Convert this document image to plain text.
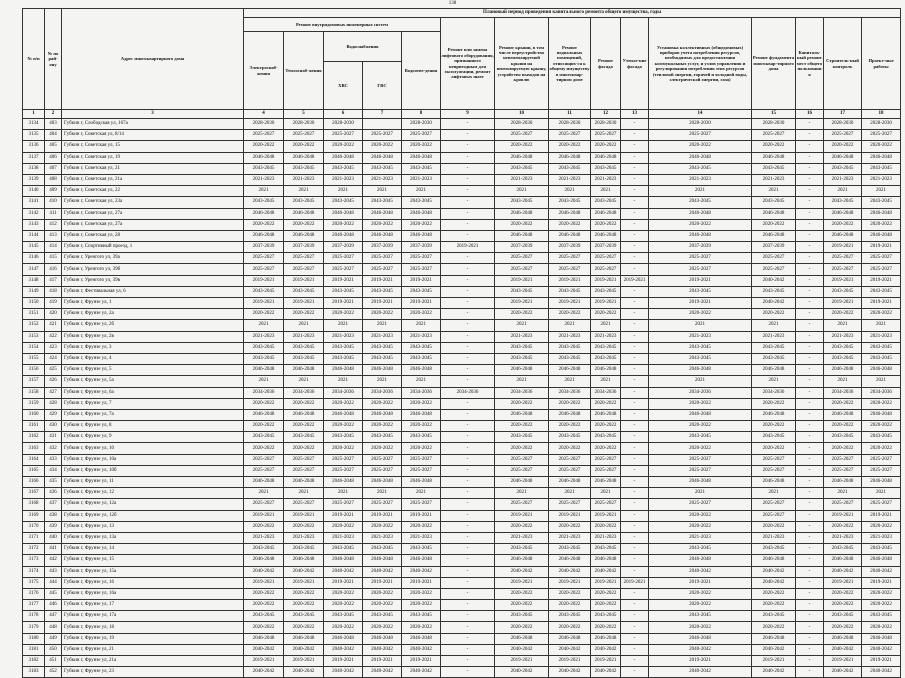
138
№ п/п	№ по рай-ону	Адрес многоквартирного дома	Плановый период проведения капитального ремонта общего имущества, годы														
			Ремонт внутридомовых инженерных систем					Ремонт или замена лифтового оборудования, признанного непригодным для эксплуатации, ремонт лифтовых шахт	Ремонт крыши, в том числе переустройство невентилируемой крыши на вентилируемую крышу, устройство выходов на кровлю	Ремонт подвальных помещений, относящих-ся к общему имуществу в многоквар-тирном доме	Ремонт фасада	Утепле-ние фасада	Установка коллективных (общедомовых) приборов учета потребления ресурсов, необходимых для предоставления коммунальных услуг, и узлов управления и регулирования потребления этих ресурсов (тепловой энергии, горячей и холодной воды, электрической энергии, газа)	Ремонт фундамента многоквар-тирного дома	Капиталь-ный ремонт мест общего пользовани я	Строитель-ный контроль	Проект-ные работы
			Электроснаб-жения	Теплоснаб-жения	Водоснабжения		Водоотве-дения										
					ХВС	ГВС											
1	2	3	4	5	6	7	8	9	10	11	12	13	14	15	16	17	18
3134	403	Губкин г, Слободская ул, 167а	2028-2030	2028-2030	2028-2030		2028-2030	-	2028-2030	2028-2030	2028-2030	-	2028-2030	2028-2030	-	2028-2030	2028-2030
3135	404	Губкин г, Советская ул, 8/14	2025-2027	2025-2027	2025-2027	2025-2027	2025-2027	-	2025-2027	2025-2027	2025-2027	-	2025-2027	2025-2027	-	2025-2027	2025-2027
3136	405	Губкин г, Советская ул, 15	2020-2022	2020-2022	2020-2022	2020-2022	2020-2022	-	2020-2022	2020-2022	2020-2022	-	2020-2022	2020-2022	-	2020-2022	2020-2022
3137	406	Губкин г, Советская ул, 19	2046-2048	2046-2048	2046-2048	2046-2048	2046-2048	-	2046-2048	2046-2048	2046-2048	-	2046-2048	2046-2048	-	2046-2048	2046-2048
3138	407	Губкин г, Советская ул, 21	2043-2045	2043-2045	2043-2045	2043-2045	2043-2045	-	2043-2045	2043-2045	2043-2045	-	2043-2045	2043-2045	-	2043-2045	2043-2045
3139	408	Губкин г, Советская ул, 21а	2021-2023	2021-2023	2021-2023	2021-2023	2021-2023	-	2021-2023	2021-2023	2021-2023	-	2021-2023	2021-2023	-	2021-2023	2021-2023
3140	409	Губкин г, Советская ул, 22	2021	2021	2021	2021	2021	-	2021	2021	2021	-	2021	2021	-	2021	2021
3141	410	Губкин г, Советская ул, 23а	2043-2045	2043-2045	2043-2045	2043-2045	2043-2045	-	2043-2045	2043-2045	2043-2045	-	2043-2045	2043-2045	-	2043-2045	2043-2045
3142	411	Губкин г, Советская ул, 27а	2046-2048	2046-2048	2046-2048	2046-2048	2046-2048	-	2046-2048	2046-2048	2046-2048	-	2046-2048	2046-2048	-	2046-2048	2046-2048
3143	412	Губкин г, Советская ул, 27а	2020-2022	2020-2022	2020-2022	2020-2022	2020-2022	-	2020-2022	2020-2022	2020-2022	-	2020-2022	2020-2022	-	2020-2022	2020-2022
3144	413	Губкин г, Советская ул, 28	2046-2048	2046-2048	2046-2048	2046-2048	2046-2048	-	2046-2048	2046-2048	2046-2048	-	2046-2048	2046-2048	-	2046-2048	2046-2048
3145	414	Губкин г, Спортивный проезд, 1	2037-2039	2037-2039	2037-2039	2037-2039	2037-2039	2019-2021	2037-2039	2037-2039	2037-2039	-	2037-2039	2037-2039	-	2019-2021	2019-2021
3146	415	Губкин г, Уренгого ул, 39а	2025-2027	2025-2027	2025-2027	2025-2027	2025-2027	-	2025-2027	2025-2027	2025-2027	-	2025-2027	2025-2027	-	2025-2027	2025-2027
3147	416	Губкин г, Уренгого ул, 39б	2025-2027	2025-2027	2025-2027	2025-2027	2025-2027	-	2025-2027	2025-2027	2025-2027	-	2025-2027	2025-2027	-	2025-2027	2025-2027
3148	417	Губкин г, Уренгого ул, 39в	2019-2021	2019-2021	2019-2021	2019-2021	2019-2021	-	2019-2021	2019-2021	2019-2021	2019-2021	2019-2021	2040-2042	-	2019-2021	2019-2021
3149	418	Губкин г, Фестивальная ул, 6	2043-2045	2043-2045	2043-2045	2043-2045	2043-2045	-	2043-2045	2043-2045	2043-2045	-	2043-2045	2043-2045	-	2043-2045	2043-2045
3150	419	Губкин г, Фрунзе ул, 1	2019-2021	2019-2021	2019-2021	2019-2021	2019-2021	-	2019-2021	2019-2021	2019-2021	-	2019-2021	2040-2042	-	2019-2021	2019-2021
3151	420	Губкин г, Фрунзе ул, 2а	2020-2022	2020-2022	2020-2022	2020-2022	2020-2022	-	2020-2022	2020-2022	2020-2022	-	2020-2022	2020-2022	-	2020-2022	2020-2022
3152	421	Губкин г, Фрунзе ул, 2б	2021	2021	2021	2021	2021	-	2021	2021	2021	-	2021	2021	-	2021	2021
3153	422	Губкин г, Фрунзе ул, 2в	2021-2023	2021-2023	2021-2023	2021-2023	2021-2023	-	2021-2023	2021-2023	2021-2023	-	2021-2023	2021-2023	-	2021-2023	2021-2023
3154	423	Губкин г, Фрунзе ул, 3	2043-2045	2043-2045	2043-2045	2043-2045	2043-2045	-	2043-2045	2043-2045	2043-2045	-	2043-2045	2043-2045	-	2043-2045	2043-2045
3155	424	Губкин г, Фрунзе ул, 4	2043-2045	2043-2045	2043-2045	2043-2045	2043-2045	-	2043-2045	2043-2045	2043-2045	-	2043-2045	2043-2045	-	2043-2045	2043-2045
3156	425	Губкин г, Фрунзе ул, 5	2046-2048	2046-2048	2046-2048	2046-2048	2046-2048	-	2046-2048	2046-2048	2046-2048	-	2046-2048	2046-2048	-	2046-2048	2046-2048
3157	426	Губкин г, Фрунзе ул, 5а	2021	2021	2021	2021	2021	-	2021	2021	2021	-	2021	2021	-	2021	2021
3158	427	Губкин г, Фрунзе ул, 6а	2034-2036	2034-2036	2034-2036	2034-2036	2034-2036	2034-2036	2034-2036	2034-2036	2034-2036	-	2034-2036	2034-2036	-	2034-2036	2034-2036
3159	428	Губкин г, Фрунзе ул, 7	2020-2022	2020-2022	2020-2022	2020-2022	2020-2022	-	2020-2022	2020-2022	2020-2022	-	2020-2022	2020-2022	-	2020-2022	2020-2022
3160	429	Губкин г, Фрунзе ул, 7а	2046-2048	2046-2048	2046-2048	2046-2048	2046-2048	-	2046-2048	2046-2048	2046-2048	-	2046-2048	2046-2048	-	2046-2048	2046-2048
3161	430	Губкин г, Фрунзе ул, 8	2020-2022	2020-2022	2020-2022	2020-2022	2020-2022	-	2020-2022	2020-2022	2020-2022	-	2020-2022	2020-2022	-	2020-2022	2020-2022
3162	431	Губкин г, Фрунзе ул, 9	2043-2045	2043-2045	2043-2045	2043-2045	2043-2045	-	2043-2045	2043-2045	2043-2045	-	2043-2045	2043-2045	-	2043-2045	2043-2045
3163	432	Губкин г, Фрунзе ул, 10	2020-2022	2020-2022	2020-2022	2020-2022	2020-2022	-	2020-2022	2020-2022	2020-2022	-	2020-2022	2020-2022	-	2020-2022	2020-2022
3164	433	Губкин г, Фрунзе ул, 10а	2025-2027	2025-2027	2025-2027	2025-2027	2025-2027	-	2025-2027	2025-2027	2025-2027	-	2025-2027	2025-2027	-	2025-2027	2025-2027
3165	434	Губкин г, Фрунзе ул, 10б	2025-2027	2025-2027	2025-2027	2025-2027	2025-2027	-	2025-2027	2025-2027	2025-2027	-	2025-2027	2025-2027	-	2025-2027	2025-2027
3166	435	Губкин г, Фрунзе ул, 11	2046-2048	2046-2048	2046-2048	2046-2048	2046-2048	-	2046-2048	2046-2048	2046-2048	-	2046-2048	2046-2048	-	2046-2048	2046-2048
3167	436	Губкин г, Фрунзе ул, 12	2021	2021	2021	2021	2021	-	2021	2021	2021	-	2021	2021	-	2021	2021
3168	437	Губкин г, Фрунзе ул, 12а	2025-2027	2025-2027	2025-2027	2025-2027	2025-2027	-	2025-2027	2025-2027	2025-2027	-	2025-2027	2025-2027	-	2025-2027	2025-2027
3169	438	Губкин г, Фрунзе ул, 12б	2019-2021	2019-2021	2019-2021	2019-2021	2019-2021	-	2019-2021	2019-2021	2019-2021	-	2020-2022	2025-2027	-	2019-2021	2019-2021
3170	439	Губкин г, Фрунзе ул, 13	2020-2022	2020-2022	2020-2022	2020-2022	2020-2022	-	2020-2022	2020-2022	2020-2022	-	2020-2022	2020-2022	-	2020-2022	2020-2022
3171	440	Губкин г, Фрунзе ул, 13а	2021-2023	2021-2023	2021-2023	2021-2023	2021-2023	-	2021-2023	2021-2023	2021-2023	-	2021-2023	2021-2023	-	2021-2023	2021-2023
3172	441	Губкин г, Фрунзе ул, 14	2043-2045	2043-2045	2043-2045	2043-2045	2043-2045	-	2043-2045	2043-2045	2043-2045	-	2043-2045	2043-2045	-	2043-2045	2043-2045
3173	442	Губкин г, Фрунзе ул, 15	2046-2048	2046-2048	2046-2048	2046-2048	2046-2048	-	2046-2048	2046-2048	2046-2048	-	2046-2048	2046-2048	-	2046-2048	2046-2048
3174	443	Губкин г, Фрунзе ул, 15а	2040-2042	2040-2042	2040-2042	2040-2042	2040-2042	-	2040-2042	2040-2042	2040-2042	-	2040-2042	2040-2042	-	2040-2042	2040-2042
3175	444	Губкин г, Фрунзе ул, 16	2019-2021	2019-2021	2019-2021	2019-2021	2019-2021	-	2019-2021	2019-2021	2019-2021	2019-2021	2019-2021	2040-2042	-	2019-2021	2019-2021
3176	445	Губкин г, Фрунзе ул, 16а	2020-2022	2020-2022	2020-2022	2020-2022	2020-2022	-	2020-2022	2020-2022	2020-2022	-	2020-2022	2020-2022	-	2020-2022	2020-2022
3177	446	Губкин г, Фрунзе ул, 17	2020-2022	2020-2022	2020-2022	2020-2022	2020-2022	-	2020-2022	2020-2022	2020-2022	-	2020-2022	2020-2022	-	2020-2022	2020-2022
3178	447	Губкин г, Фрунзе ул, 17а	2043-2045	2043-2045	2043-2045	2043-2045	2043-2045	-	2043-2045	2043-2045	2043-2045	-	2043-2045	2043-2045	-	2043-2045	2043-2045
3179	448	Губкин г, Фрунзе ул, 18	2020-2022	2020-2022	2020-2022	2020-2022	2020-2022	-	2020-2022	2020-2022	2020-2022	-	2020-2022	2020-2022	-	2020-2022	2020-2022
3180	449	Губкин г, Фрунзе ул, 19	2046-2048	2046-2048	2046-2048	2046-2048	2046-2048	-	2046-2048	2046-2048	2046-2048	-	2046-2048	2046-2048	-	2046-2048	2046-2048
3181	450	Губкин г, Фрунзе ул, 21	2040-2042	2040-2042	2040-2042	2040-2042	2040-2042	-	2040-2042	2040-2042	2040-2042	-	2040-2042	2040-2042	-	2040-2042	2040-2042
3182	451	Губкин г, Фрунзе ул, 21а	2019-2021	2019-2021	2019-2021	2019-2021	2019-2021	-	2019-2021	2019-2021	2019-2021	-	2019-2021	2019-2021	-	2019-2021	2019-2021
3183	452	Губкин г, Фрунзе ул, 23	2040-2042	2040-2042	2040-2042	2040-2042	2040-2042	-	2040-2042	2040-2042	2040-2042	-	2040-2042	2040-2042	-	2040-2042	2040-2042
